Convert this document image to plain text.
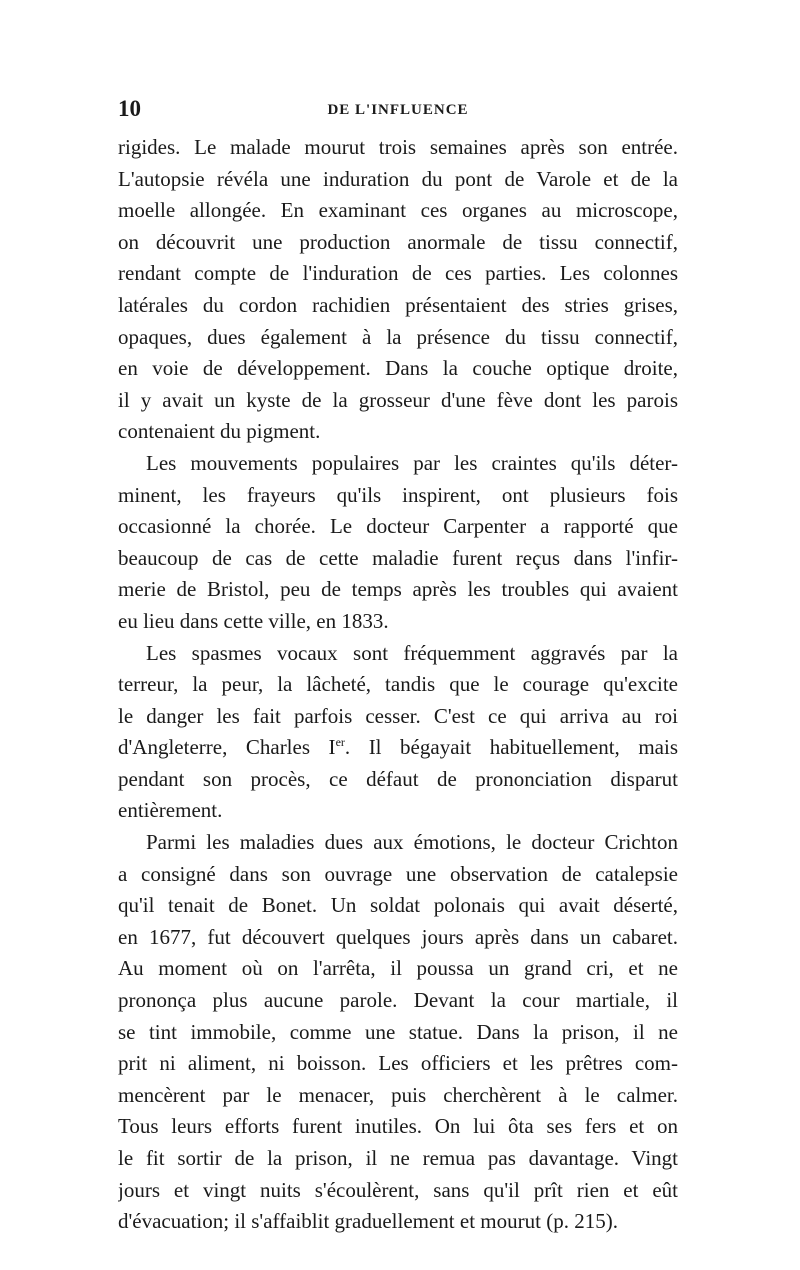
10	DE L'INFLUENCE

rigides. Le malade mourut trois semaines après son entrée.
L'autopsie révéla une induration du pont de Varole et de la
moelle allongée. En examinant ces organes au microscope,
on découvrit une production anormale de tissu connectif,
rendant compte de l'induration de ces parties. Les colonnes
latérales du cordon rachidien présentaient des stries grises,
opaques, dues également à la présence du tissu connectif,
en voie de développement. Dans la couche optique droite,
il y avait un kyste de la grosseur d'une fève dont les parois
contenaient du pigment.

Les mouvements populaires par les craintes qu'ils déter-
minent, les frayeurs qu'ils inspirent, ont plusieurs fois
occasionné la chorée. Le docteur Carpenter a rapporté que
beaucoup de cas de cette maladie furent reçus dans l'infir-
merie de Bristol, peu de temps après les troubles qui avaient
eu lieu dans cette ville, en 1833.

Les spasmes vocaux sont fréquemment aggravés par la
terreur, la peur, la lâcheté, tandis que le courage qu'excite
le danger les fait parfois cesser. C'est ce qui arriva au roi
d'Angleterre, Charles Ier. Il bégayait habituellement, mais
pendant son procès, ce défaut de prononciation disparut
entièrement.

Parmi les maladies dues aux émotions, le docteur Crichton
a consigné dans son ouvrage une observation de catalepsie
qu'il tenait de Bonet. Un soldat polonais qui avait déserté,
en 1677, fut découvert quelques jours après dans un cabaret.
Au moment où on l'arrêta, il poussa un grand cri, et ne
prononça plus aucune parole. Devant la cour martiale, il
se tint immobile, comme une statue. Dans la prison, il ne
prit ni aliment, ni boisson. Les officiers et les prêtres com-
mencèrent par le menacer, puis cherchèrent à le calmer.
Tous leurs efforts furent inutiles. On lui ôta ses fers et on
le fit sortir de la prison, il ne remua pas davantage. Vingt
jours et vingt nuits s'écoulèrent, sans qu'il prît rien et eût
d'évacuation; il s'affaiblit graduellement et mourut (p. 215).
